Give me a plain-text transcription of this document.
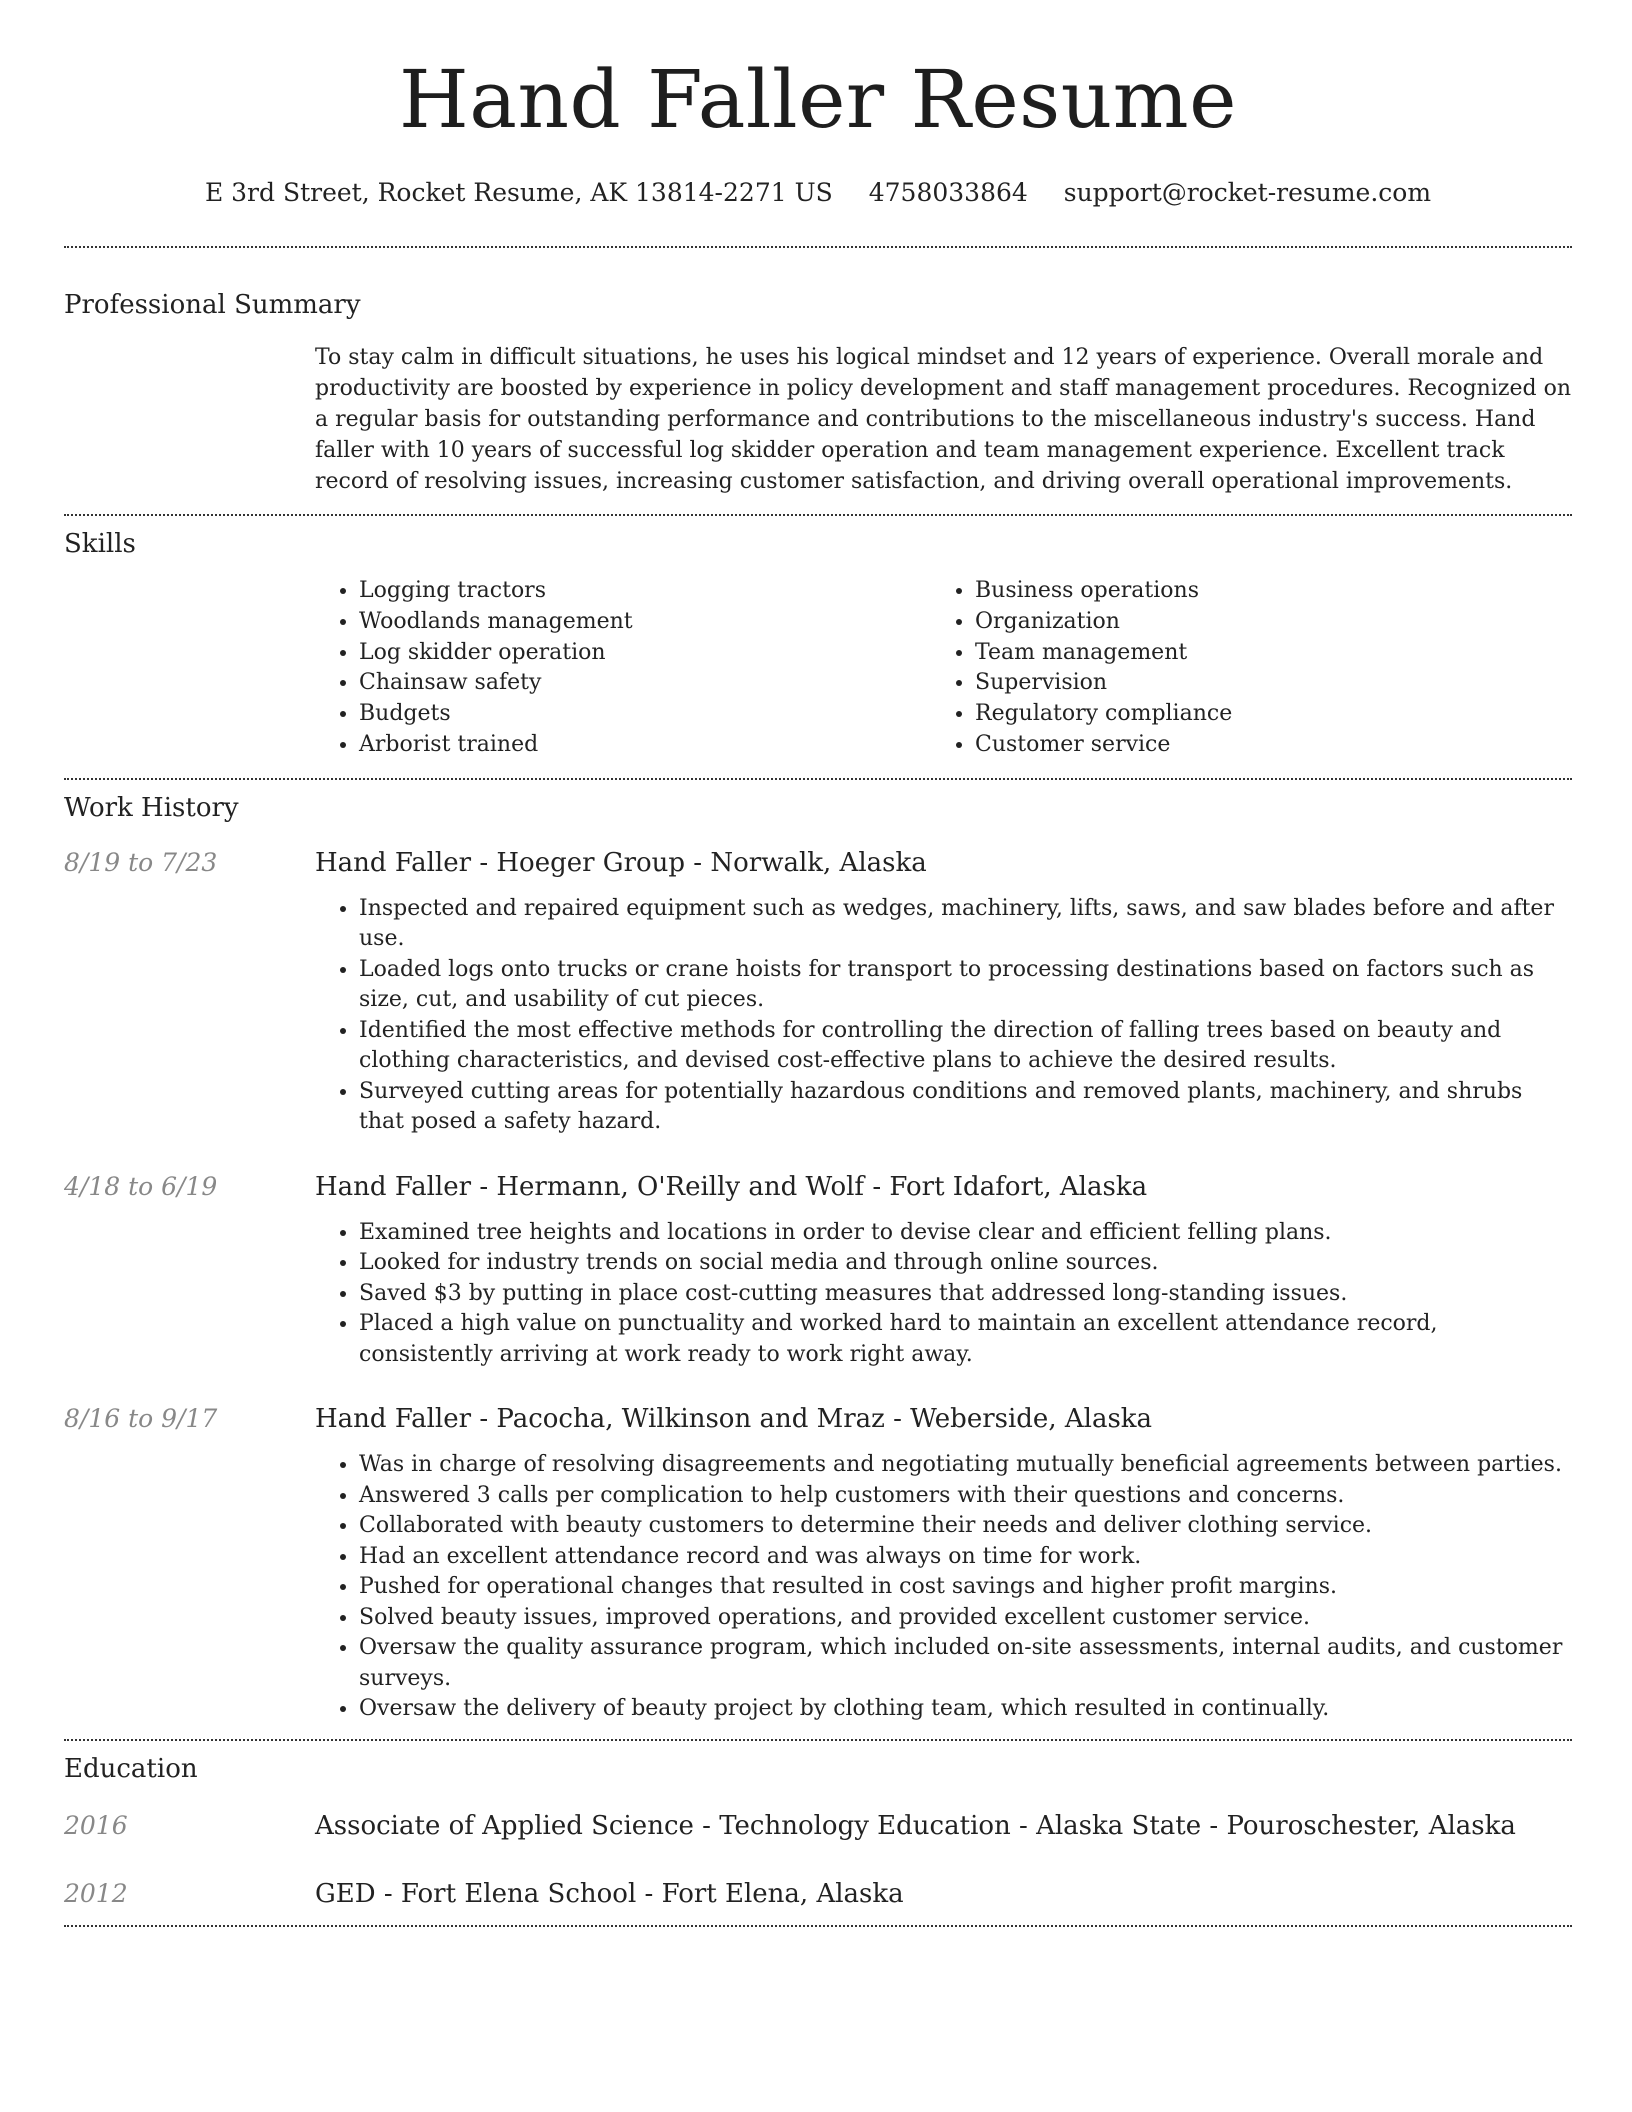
Hand Faller Resume
E 3rd Street, Rocket Resume, AK 13814-2271 US 4758033864 support@rocket-resume.com
Professional Summary

To stay calm in difficult situations, he uses his logical mindset and 12 years of experience. Overall morale and productivity are boosted by experience in policy development and staff management procedures. Recognized on a regular basis for outstanding performance and contributions to the miscellaneous industry's success. Hand faller with 10 years of successful log skidder operation and team management experience. Excellent track record of resolving issues, increasing customer satisfaction, and driving overall operational improvements.

Skills
• Logging tractors
• Woodlands management
• Log skidder operation
• Chainsaw safety
• Budgets
• Arborist trained
• Business operations
• Organization
• Team management
• Supervision
• Regulatory compliance
• Customer service
Work History
8/19 to 7/23	Hand Faller - Hoeger Group - Norwalk, Alaska
• Inspected and repaired equipment such as wedges, machinery, lifts, saws, and saw blades before and after use.
• Loaded logs onto trucks or crane hoists for transport to processing destinations based on factors such as size, cut, and usability of cut pieces.
• Identified the most effective methods for controlling the direction of falling trees based on beauty and clothing characteristics, and devised cost-effective plans to achieve the desired results.
• Surveyed cutting areas for potentially hazardous conditions and removed plants, machinery, and shrubs that posed a safety hazard.
4/18 to 6/19	Hand Faller - Hermann, O'Reilly and Wolf - Fort Idafort, Alaska
• Examined tree heights and locations in order to devise clear and efficient felling plans.
• Looked for industry trends on social media and through online sources.
• Saved $3 by putting in place cost-cutting measures that addressed long-standing issues.
• Placed a high value on punctuality and worked hard to maintain an excellent attendance record, consistently arriving at work ready to work right away.
8/16 to 9/17	Hand Faller - Pacocha, Wilkinson and Mraz - Weberside, Alaska
• Was in charge of resolving disagreements and negotiating mutually beneficial agreements between parties.
• Answered 3 calls per complication to help customers with their questions and concerns.
• Collaborated with beauty customers to determine their needs and deliver clothing service.
• Had an excellent attendance record and was always on time for work.
• Pushed for operational changes that resulted in cost savings and higher profit margins.
• Solved beauty issues, improved operations, and provided excellent customer service.
• Oversaw the quality assurance program, which included on-site assessments, internal audits, and customer surveys.
• Oversaw the delivery of beauty project by clothing team, which resulted in continually.
Education
2016	Associate of Applied Science - Technology Education - Alaska State - Pouroschester, Alaska
2012	GED - Fort Elena School - Fort Elena, Alaska
